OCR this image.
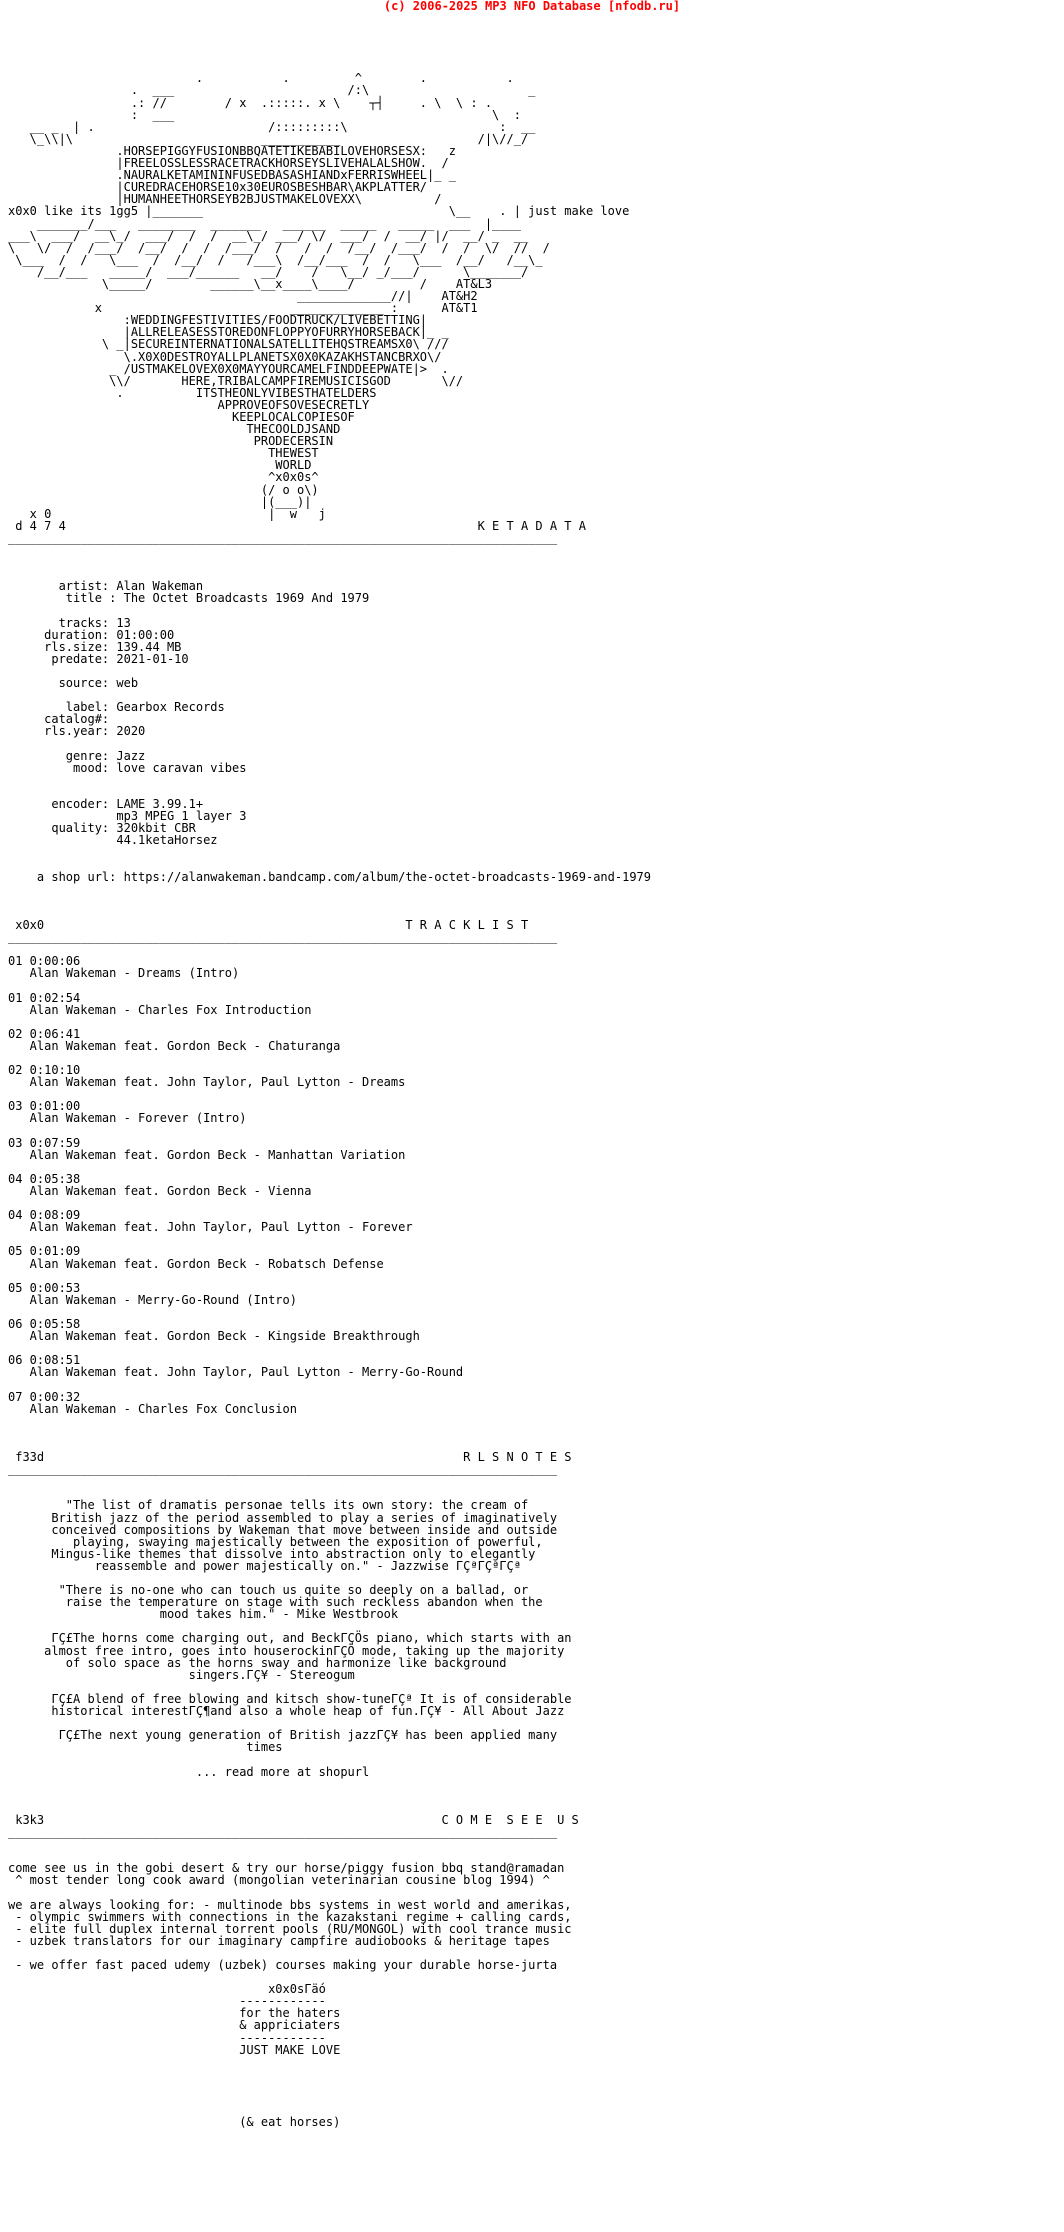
(c) 2006-2025 MP3 NFO Database [nfodb.ru]

.           .         ^        .           .
.  ___                        /:\                      _
.: //        / x  .:::::. x \    ┬┤     . \  \ : .
:  ___                                            \  :
__ _  | .                        /:::::::::\                     :  __
\_\\|\                          ___________                   /|\//_/
.HORSEPIGGYFUSIONBBQATETIKEBABILOVEHORSESX:   z
|FREELOSSLESSRACETRACKHORSEYSLIVEHALALSHOW.  /
.NAURALKETAMININFUSEDBASASHIANDxFERRISWHEEL|_ _
|CUREDRACEHORSE10x30EUROSBESHBAR\AKPLATTER/
|HUMANHEETHORSEYB2BJUSTMAKELOVEXX\          /
x0x0 like its 1gg5 |_______                                  \__    . | just make love
_______/___   ________  _______   ______  _____   _____  ___  |____
___\  ___/  __\_/  ___/  /  /  __\_/ ___/ \/  ___/  /  __/ |/  __/ _  __
\   \/  /  /___/  /__/  /  /  /___/  /   /  /  /__/  /___/  /  /  \/  //  /
\___  /  /   \___  /  /__/  /   /___\  /__/___  /  /   \___  /__/   /__\_
/__/___   _____/  ___/______   __/    /   \__/ _/___/      \_______/
\_____/        ______\__x____\____/         /    AT&L3
_____________//|    AT&H2
x                          _____________ :      AT&T1
:WEDDINGFESTIVITIES/FOODTRUCK/LIVEBETTING|
|ALLRELEASESSTOREDONFLOPPYOFURRYHORSEBACK|_ _
\ _|SECUREINTERNATIONALSATELLITEHQSTREAMSX0\ ///
\.X0X0DESTROYALLPLANETSX0X0KAZAKHSTANCBRXO\/
_ /USTMAKELOVEX0X0MAYYOURCAMELFINDDEEPWATE|>  .
\\/       HERE,TRIBALCAMPFIREMUSICISGOD       \//
.          ITSTHEONLYVIBESTHATELDERS
APPROVEOFSOVESECRETLY
KEEPLOCALCOPIESOF
THECOOLDJSAND
PRODECERSIN
THEWEST
WORLD
^x0x0s^
(/ o o\)
|(___)|
x 0                              |  w   j
d 4 7 4                                                         K E T A D A T A
____________________________________________________________________________

artist: Alan Wakeman
title : The Octet Broadcasts 1969 And 1979

tracks: 13
duration: 01:00:00
rls.size: 139.44 MB
predate: 2021-01-10

source: web

label: Gearbox Records
catalog#:
rls.year: 2020

genre: Jazz
mood: love caravan vibes

encoder: LAME 3.99.1+
mp3 MPEG 1 layer 3
quality: 320kbit CBR
44.1ketaHorsez

a shop url: https://alanwakeman.bandcamp.com/album/the-octet-broadcasts-1969-and-1979

x0x0                                                  T R A C K L I S T
____________________________________________________________________________

01 0:00:06
Alan Wakeman - Dreams (Intro)

01 0:02:54
Alan Wakeman - Charles Fox Introduction

02 0:06:41
Alan Wakeman feat. Gordon Beck - Chaturanga

02 0:10:10
Alan Wakeman feat. John Taylor, Paul Lytton - Dreams

03 0:01:00
Alan Wakeman - Forever (Intro)

03 0:07:59
Alan Wakeman feat. Gordon Beck - Manhattan Variation

04 0:05:38
Alan Wakeman feat. Gordon Beck - Vienna

04 0:08:09
Alan Wakeman feat. John Taylor, Paul Lytton - Forever

05 0:01:09
Alan Wakeman feat. Gordon Beck - Robatsch Defense

05 0:00:53
Alan Wakeman - Merry-Go-Round (Intro)

06 0:05:58
Alan Wakeman feat. Gordon Beck - Kingside Breakthrough

06 0:08:51
Alan Wakeman feat. John Taylor, Paul Lytton - Merry-Go-Round

07 0:00:32
Alan Wakeman - Charles Fox Conclusion

f33d                                                          R L S N O T E S
____________________________________________________________________________

"The list of dramatis personae tells its own story: the cream of
British jazz of the period assembled to play a series of imaginatively
conceived compositions by Wakeman that move between inside and outside
playing, swaying majestically between the exposition of powerful,
Mingus-like themes that dissolve into abstraction only to elegantly
reassemble and power majestically on." - Jazzwise ΓÇªΓÇªΓÇª

"There is no-one who can touch us quite so deeply on a ballad, or
raise the temperature on stage with such reckless abandon when the
mood takes him." - Mike Westbrook

ΓÇ£The horns come charging out, and BeckΓÇÖs piano, which starts with an
almost free intro, goes into houserockinΓÇÖ mode, taking up the majority
of solo space as the horns sway and harmonize like background
singers.ΓÇ¥ - Stereogum

ΓÇ£A blend of free blowing and kitsch show-tuneΓÇª It is of considerable
historical interestΓÇ¶and also a whole heap of fun.ΓÇ¥ - All About Jazz

ΓÇ£The next young generation of British jazzΓÇ¥ has been applied many
times

... read more at shopurl

k3k3                                                       C O M E  S E E  U S
____________________________________________________________________________

come see us in the gobi desert & try our horse/piggy fusion bbq stand@ramadan
^ most tender long cook award (mongolian veterinarian cousine blog 1994) ^

we are always looking for: - multinode bbs systems in west world and amerikas,
- olympic swimmers with connections in the kazakstani regime + calling cards,
- elite full duplex internal torrent pools (RU/MONGOL) with cool trance music
- uzbek translators for our imaginary campfire audiobooks & heritage tapes

- we offer fast paced udemy (uzbek) courses making your durable horse-jurta

x0x0sΓäó
------------
for the haters
& appriciaters
------------
JUST MAKE LOVE

(& eat horses)
